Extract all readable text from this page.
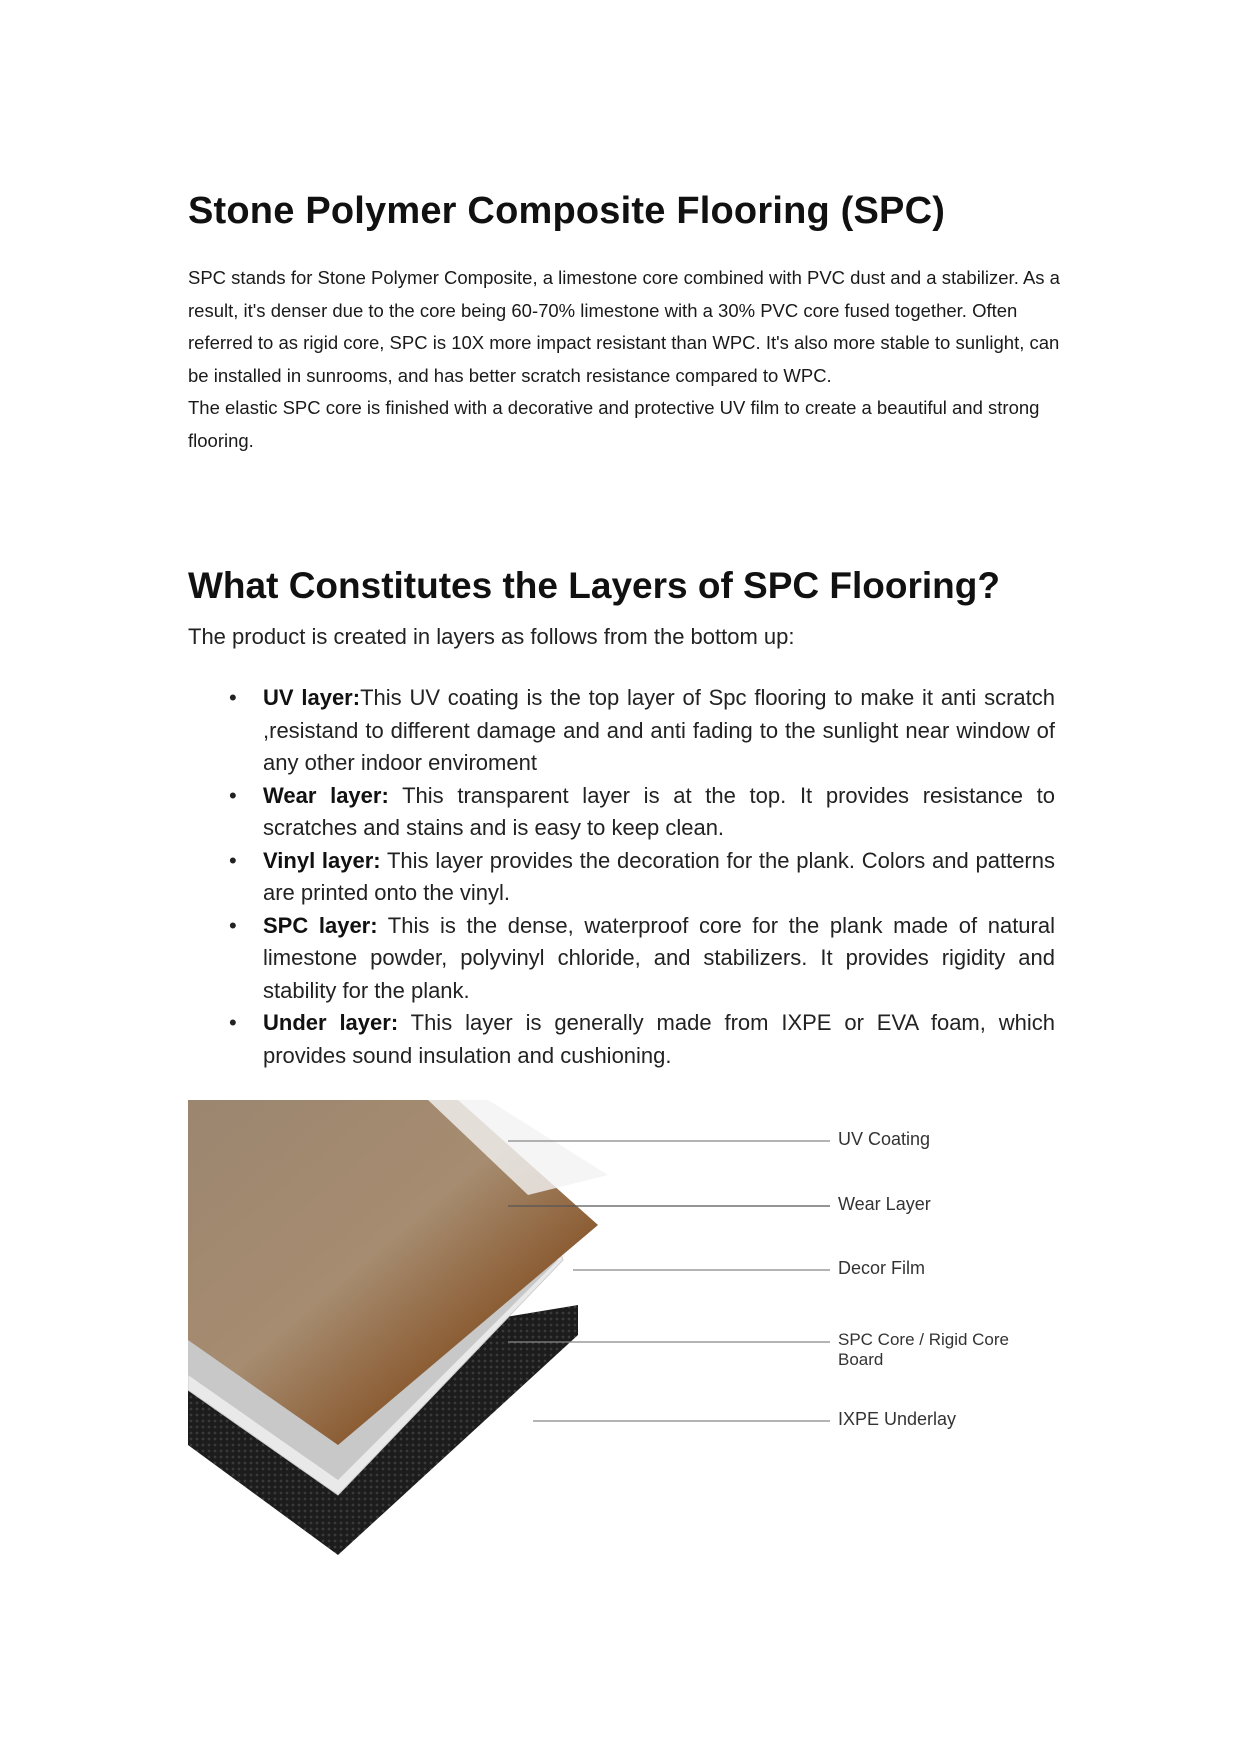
Stone Polymer Composite Flooring (SPC)

SPC stands for Stone Polymer Composite, a limestone core combined with PVC dust and a stabilizer. As a result, it's denser due to the core being 60-70% limestone with a 30% PVC core fused together. Often referred to as rigid core, SPC is 10X more impact resistant than WPC. It's also more stable to sunlight, can be installed in sunrooms, and has better scratch resistance compared to WPC.

The elastic SPC core is finished with a decorative and protective UV film to create a beautiful and strong flooring.

What Constitutes the Layers of SPC Flooring?
The product is created in layers as follows from the bottom up:
• UV layer:This UV coating is the top layer of Spc flooring to make it anti scratch ,resistand to different damage and and anti fading to the sunlight near window of any other indoor enviroment
• Wear layer: This transparent layer is at the top. It provides resistance to scratches and stains and is easy to keep clean.
• Vinyl layer: This layer provides the decoration for the plank. Colors and patterns are printed onto the vinyl.
• SPC layer: This is the dense, waterproof core for the plank made of natural limestone powder, polyvinyl chloride, and stabilizers. It provides rigidity and stability for the plank.
• Under layer: This layer is generally made from IXPE or EVA foam, which provides sound insulation and cushioning.
UV Coating
Wear Layer
Decor Film
SPC Core / Rigid Core Board
IXPE Underlay
